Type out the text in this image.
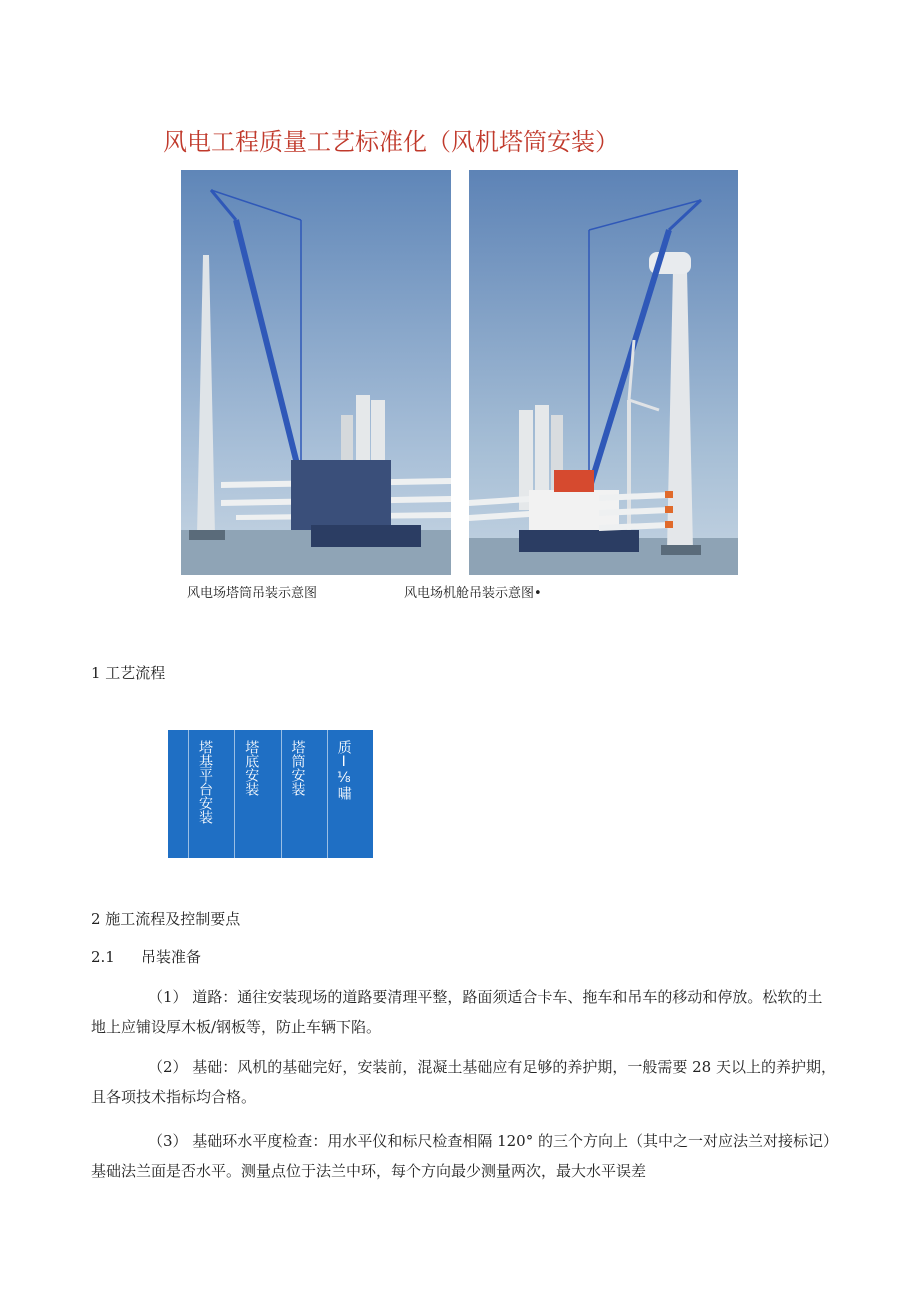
风电工程质量工艺标准化（风机塔筒安装）
风电场塔筒吊装示意图	风电场机舱吊装示意图•
1 工艺流程
塔基平台安装 塔底安装 塔筒安装 质I⅛嘯
2 施工流程及控制要点
2.1 吊装准备
（1） 道路：通往安装现场的道路要清理平整，路面须适合卡车、拖车和吊车的移动和停放。松软的土地上应铺设厚木板/钢板等，防止车辆下陷。
（2） 基础：风机的基础完好，安装前，混凝土基础应有足够的养护期，一般需要 28 天以上的养护期，且各项技术指标均合格。
（3） 基础环水平度检查：用水平仪和标尺检查相隔 120° 的三个方向上（其中之一对应法兰对接标记）基础法兰面是否水平。测量点位于法兰中环，每个方向最少测量两次，最大水平误差
